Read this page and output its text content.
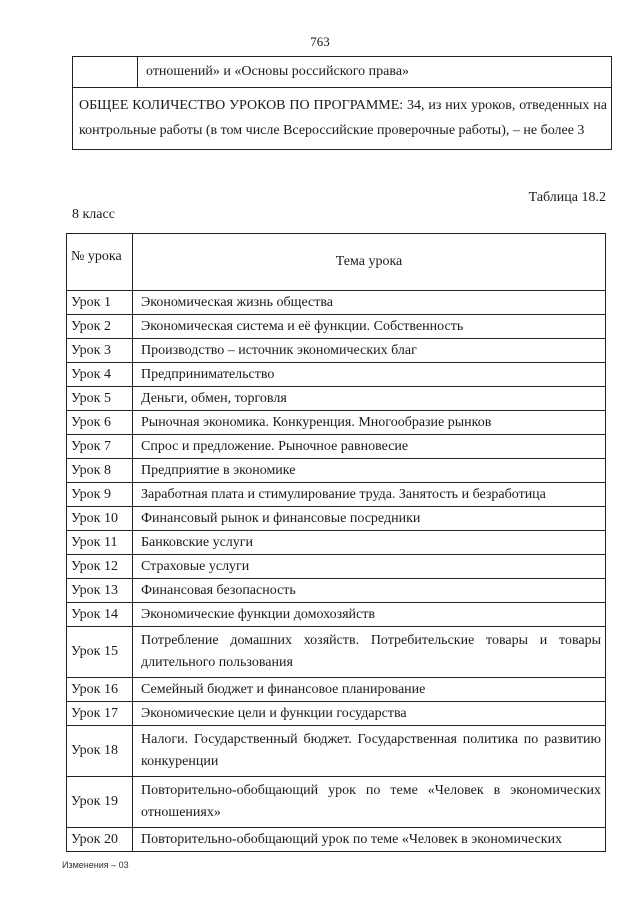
763
	отношений» и «Основы российского права»
ОБЩЕЕ КОЛИЧЕСТВО УРОКОВ ПО ПРОГРАММЕ: 34, из них уроков, отведенных на контрольные работы (в том числе Всероссийские проверочные работы), – не более 3
Таблица 18.2
8 класс
№ урока	Тема урока
Урок 1	Экономическая жизнь общества
Урок 2	Экономическая система и её функции. Собственность
Урок 3	Производство – источник экономических благ
Урок 4	Предпринимательство
Урок 5	Деньги, обмен, торговля
Урок 6	Рыночная экономика. Конкуренция. Многообразие рынков
Урок 7	Спрос и предложение. Рыночное равновесие
Урок 8	Предприятие в экономике
Урок 9	Заработная плата и стимулирование труда. Занятость и безработица
Урок 10	Финансовый рынок и финансовые посредники
Урок 11	Банковские услуги
Урок 12	Страховые услуги
Урок 13	Финансовая безопасность
Урок 14	Экономические функции домохозяйств
Урок 15	Потребление домашних хозяйств. Потребительские товары и товары длительного пользования
Урок 16	Семейный бюджет и финансовое планирование
Урок 17	Экономические цели и функции государства
Урок 18	Налоги. Государственный бюджет. Государственная политика по развитию конкуренции
Урок 19	Повторительно-обобщающий урок по теме «Человек в экономических отношениях»
Урок 20	Повторительно-обобщающий урок по теме «Человек в экономических
Изменения – 03
